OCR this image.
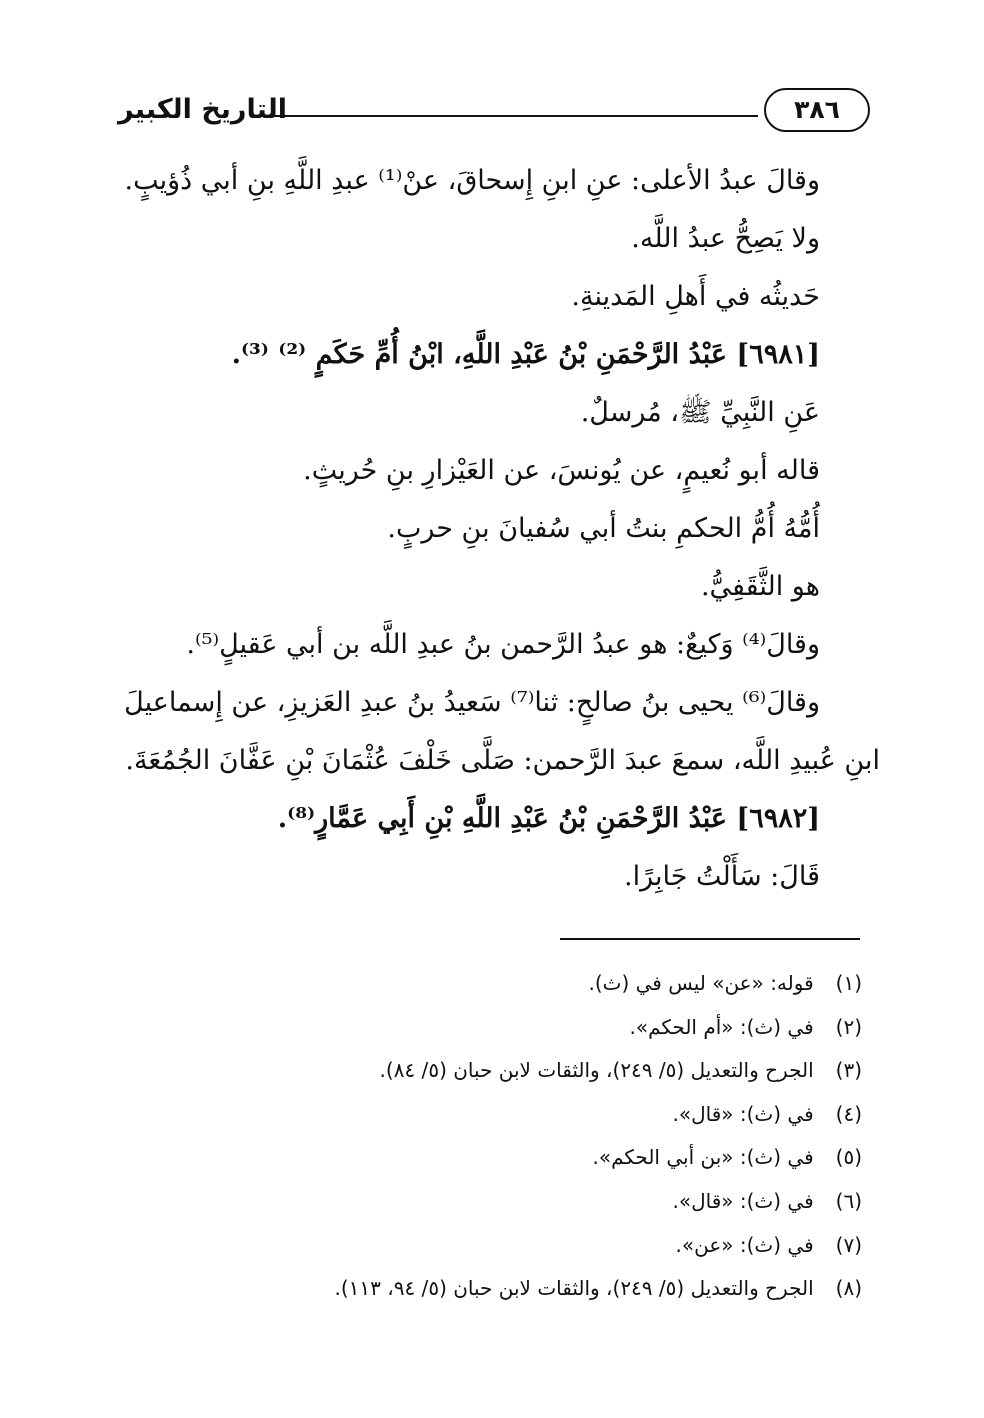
التاريخ الكبير	٣٨٦
وقالَ عبدُ الأعلى: عنِ ابنِ إِسحاقَ، عنْ⁽¹⁾ عبدِ اللَّهِ بنِ أبي ذُؤيبٍ.
ولا يَصِحُّ عبدُ اللَّه.
حَديثُه في أَهلِ المَدينةِ.
[٦٩٨١] عَبْدُ الرَّحْمَنِ بْنُ عَبْدِ اللَّهِ، ابْنُ أُمِّ حَكَمٍ ⁽²⁾ ⁽³⁾.
عَنِ النَّبِيِّ ﷺ، مُرسلٌ.
قاله أبو نُعيمٍ، عن يُونسَ، عن العَيْزارِ بنِ حُريثٍ.
أُمُّهُ أُمُّ الحكمِ بنتُ أبي سُفيانَ بنِ حربٍ.
هو الثَّقَفِيُّ.
وقالَ⁽⁴⁾ وَكيعٌ: هو عبدُ الرَّحمن بنُ عبدِ اللَّه بن أبي عَقيلٍ⁽⁵⁾.
وقالَ⁽⁶⁾ يحيى بنُ صالحٍ: ثنا⁽⁷⁾ سَعيدُ بنُ عبدِ العَزيزِ، عن إِسماعيلَ
ابنِ عُبيدِ اللَّه، سمعَ عبدَ الرَّحمن: صَلَّى خَلْفَ عُثْمَانَ بْنِ عَفَّانَ الجُمُعَةَ.
[٦٩٨٢] عَبْدُ الرَّحْمَنِ بْنُ عَبْدِ اللَّهِ بْنِ أَبِي عَمَّارٍ⁽⁸⁾.
قَالَ: سَأَلْتُ جَابِرًا.
(١) قوله: «عن» ليس في (ث).
(٢) في (ث): «أم الحكم».
(٣) الجرح والتعديل (٥/ ٢٤٩)، والثقات لابن حبان (٥/ ٨٤).
(٤) في (ث): «قال».
(٥) في (ث): «بن أبي الحكم».
(٦) في (ث): «قال».
(٧) في (ث): «عن».
(٨) الجرح والتعديل (٥/ ٢٤٩)، والثقات لابن حبان (٥/ ٩٤، ١١٣).
